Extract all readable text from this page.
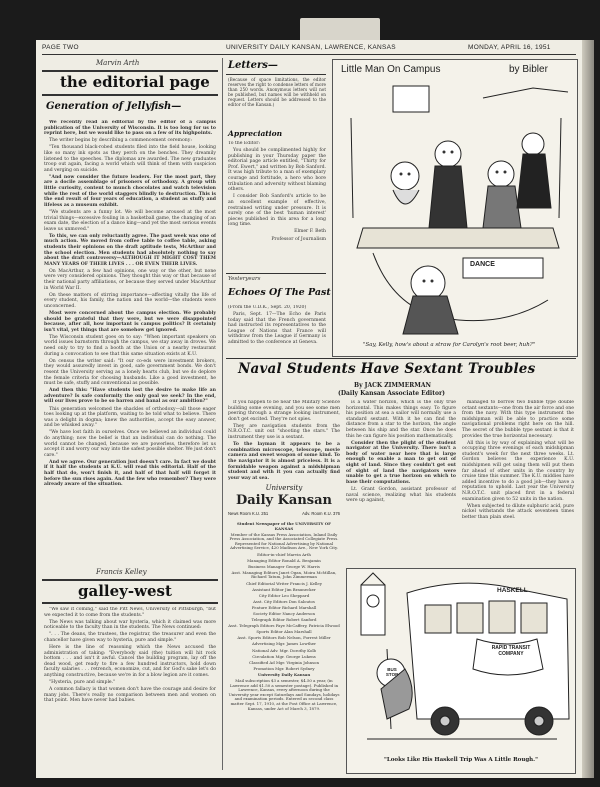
PAGE TWO	UNIVERSITY DAILY KANSAN, LAWRENCE, KANSAS	MONDAY, APRIL 16, 1951
Marvin Arth
the editorial page
Generation of Jellyfish—

We recently read an editorial by the editor of a campus publication of the University of Wisconsin. It is too long for us to reprint here, but we would like to pass on a few of its highpoints.

The writer begins by describing a commencement ceremony:

"Ten thousand black-robed students filed into the field house, looking like so many ink spots as they perch on the benches. They dreamily listened to the speeches. The diplomas are awarded. The new graduates troop out again, facing a world which will think of them with suspicion and verging on suicide.

"And now consider the future leaders. For the most part, they are a docile assemblage of prisoners of orthodoxy. A group with little curiosity, content to munch chocolates and watch television while the rest of the world staggers blindly to destruction. This is the end result of four years of education, a student as stuffy and lifeless as a museum exhibit.

"We students are a funny lot. We will become aroused at the most trivial things—excessive fouling in a basketball game, the changing of an exam date, the election of a dance king—and yet the most serious events leave us unmoved."

To this, we can only reluctantly agree. The past week was one of much action. We moved from coffee table to coffee table, asking students their opinions on the draft aptitude tests, McArthur and the school election. Men students had absolutely nothing to say about the draft controversy—ALTHOUGH IT MIGHT COST THEM MANY YEARS OF THEIR LIVES . . . OR EVEN THEIR LIVES.

On MacArthur, a few had opinions, one way or the other, but none were very considered opinions. They thought this way or that because of their national party affiliations, or because they served under MacArthur in World War II.

On these matters of stirring importance—affecting vitally the life of every student, his family, the nation and the world—the students were unconcerned.

Most were concerned about the campus election. We probably should be grateful that they were, but we were disappointed because, after all, how important is campus politics? It certainly isn't vital, yet things that are somehow get ignored.

The Wisconsin student goes on to say: "When important speakers on world issues barnstorm through the campus, we stay away in droves. We need only to try to find a booth at the Union or a nearby restaurant during a convocation to see that this same situation exists at K.U.

On census the writer said: "It our co-eds were investment brokers, they would assuredly invest in good, safe government bonds. We don't resent the University serving as a lonely hearts club, but we do deplore the female criteria for choosing husbands. Like a good investment, he must be safe, stuffy and conventional as possible.

And then this: "Have students lost the desire to make life an adventure? Is safe conformity the only goal we seek? In the end, will our lives prove to be so barren and banal as our ambition?"

This generation welcomed the shackles of orthodoxy—all those eager toes looking up at the platform, waiting to be told what to believe. There was a delight in dogma; knew the authorities, accept the easy answer, and be whisked away."

"We have lost faith in ourselves. Once we believed an individual could do anything; now the belief is that an individual can do nothing. The world cannot be changed, because we are powerless, therefore let us accept it and worry our way into the safest possible shelter. We just don't care."

And we agree. Our generation just doesn't care. In fact we doubt if it half the students at K.U. will read this editorial. Half of the half that do, won't finish it, and half of that half will forget it before the sun rises again. And the few who remember? They were already aware of the situation.

Francis Kelley
galley-west

"We saw it coming," said the Pitt News, University of Pittsburgh, "but we expected it to come from the students."

The News was talking about war hysteria, which it claimed was more noticeable to the faculty than in the students. The News continued:

". . . The deans, the trustees, the registrar, the treasurer and even the chancellor have given way to hysteria, pure and simple."

Here is the line of reasoning which the News accused the administration of taking: "Everybody said (the) tuition will hit rock bottom . . . and isn't it awful. Cancel the building program, lay off the dead wood, get ready to fire a few hundred instructors, hold down faculty salaries . . . retrench, economize, cut, and for God's sake let's do anything constructive, because we're in for a blow legion are it comes.

"Hysteria, pure and simple."

A common fallacy is that women don't have the courage and desire for many jobs. There's really no comparison between men and women on that point. Men have never had babies.

Letters—
(Because of space limitations, the editor reserves the right to condense letters of more than 250 words. Anonymous letters will not be published, but names will be withheld on request. Letters should be addressed to the editor of the Kansan.)
Appreciation

To the Editor:

You should be complimented highly for publishing in your Thursday paper the editorial page article entitled, "Thirty for Prof. Ewert," and written by Bob Sanford. It was high tribute to a man of exemplary courage and fortitude, a hero who bore tribulation and adversity without blaming others.

I consider Bob Sanford's article to be an excellent example of effective, restrained writing under pressure. It is surely one of the best 'human interest' pieces published in this area for a long long time.

Elmer F. Beth

Professor of Journalism

Yesteryears
Echoes Of The Past

(From the U.D.K., Sept. 20, 1920)

Paris, Sept. 17—The Echo de Paris today said that the French government had instructed its representatives to the League of Nations that France will withdraw from the League if Germany is admitted to the conference at Geneva.

Little Man On Campus	by Bibler
DANCE
"Say, Kelly, how's about a straw for Carolyn's root beer, huh?"
Naval Students Have Sextant Troubles
By JACK ZIMMERMAN
(Daily Kansan Associate Editor)

If you happen to be near the Military Science building some evening, and you see some men peering through a strange looking instrument, don't get excited. They're not spies.

They are navigation students from the N.R.O.T.C. unit out "shooting the stars." The instrument they use is a sextant.

To the layman it appears to be a combination microscope, telescope, movie camera and sweet weapon of some kind. To the navigator it is almost priceless. It is a formidable weapon against a midshipman student and with it you can actually find your way at sea.

is a water horizon, which is the only true horizontal. This makes things easy. To figure his position at sea a sailor will normally use a standard sextant. With it he can find the distance from a star to the horizon, the angle between his ship and the star. Once he does this he can figure his position mathematically.

Consider then the plight of the student navigator at the University. There isn't a body of water near here that is large enough to enable a man to get out of sight of land. Since they couldn't get out of sight of land the navigators were unable to get a true horizon on which to base their computations.

Lt. Grant Gordon, assistant professor of naval science, realizing what his students were up against,

managed to borrow two bubble type double octant sextants—one from the air force and one from the navy. With this type instrument the midshipman will be able to practice some navigational problems right here on the hill. The secret of the bubble type sextant is that it provides the true horizontal necessary.

All this is by way of explaining what will be occupying three evenings of each midshipman student's week for the next three weeks. Lt. Gordon believes the experience K.U. midshipmen will get using them will put them far ahead of other units in the country by cruise time this summer. The K.U. middies have added incentive to do a good job—they have a reputation to uphold. Last year the University N.R.O.T.C. unit placed first in a federal examination given to 52 units in the nation.

When subjected to dilute sulphuric acid, pure nickel withstands the attack seventeen times better than plain steel.

University
Daily Kansan
News Room K.U. 251	Adv. Room K.U. 376

Student Newspaper of the UNIVERSITY OF KANSAS

Member of the Kansas Press Association, Inland Daily Press Association, and the Associated Collegiate Press. Represented for National Advertising by National Advertising Service, 420 Madison Ave., New York City.

Editor-in-chief Marvin Arth

Managing Editor Ronald A. Benjamin

Business Manager George W. Harris

Asst. Managing Editors Janet Ogan, Moira McMillan, Richard Tatum, John Zimmerman

Chief Editorial Writer Francis J. Kelley

Assistant Editor Jim Braunecker

City Editor Leo Sheppard

Asst. City Editors Don Saloutos

Feature Editor Richard Marshall

Society Editor Nancy Anderson

Telegraph Editor Robert Sanford

Asst. Telegraph Editors Faye McCaffery, Patricia Elwood

Sports Editor Alan Marshall

Asst. Sports Editors Bob Nelson, Forrest Miller

Advertising Mgr. James Lowther

National Adv. Mgr. Dorothy Kolb

Circulation Mgr. George Lukens

Classified Ad Mgr. Virginia Johnson

Promotion Mgr. Robert Sydney

University Daily Kansan

Mail subscription $3 a semester, $4.50 a year, (in Lawrence add $1.50 a semester postage). Published in Lawrence, Kansas, every afternoon during the University year except Saturdays and Sundays, holidays and examination periods. Entered as second class matter Sept. 17, 1910, at the Post Office at Lawrence, Kansas, under Act of March 3, 1879.

HASKELL
RAPID TRANSIT COMPANY
BUS STOP
"Looks Like His Haskell Trip Was A Little Rough."
